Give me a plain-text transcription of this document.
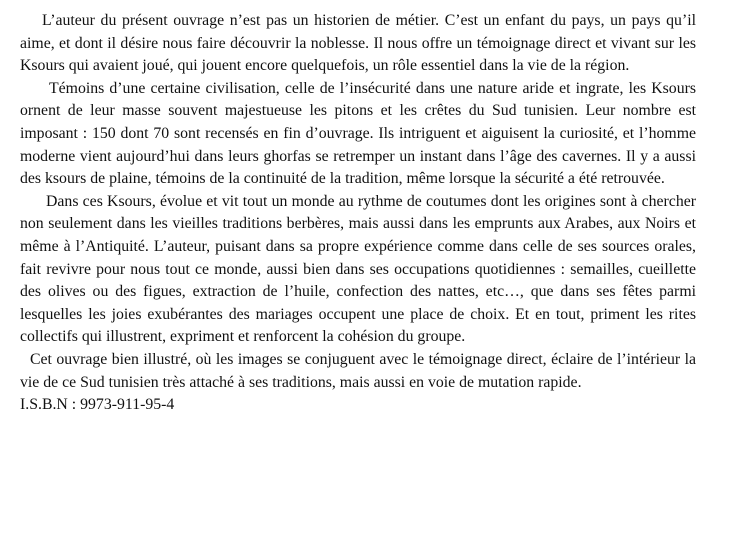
L’auteur du présent ouvrage n’est pas un historien de métier. C’est un enfant du pays, un pays qu’il aime, et dont il désire nous faire découvrir la noblesse. Il nous offre un témoignage direct et vivant sur les Ksours qui avaient joué, qui jouent encore quelquefois, un rôle essentiel dans la vie de la région.

Témoins d’une certaine civilisation, celle de l’insécurité dans une nature aride et ingrate, les Ksours ornent de leur masse souvent majestueuse les pitons et les crêtes du Sud tunisien. Leur nombre est imposant : 150 dont 70 sont recensés en fin d’ouvrage. Ils intriguent et aiguisent la curiosité, et l’homme moderne vient aujourd’hui dans leurs ghorfas se retremper un instant dans l’âge des cavernes. Il y a aussi des ksours de plaine, témoins de la continuité de la tradition, même lorsque la sécurité a été retrouvée.

Dans ces Ksours, évolue et vit tout un monde au rythme de coutumes dont les origines sont à chercher non seulement dans les vieilles traditions berbères, mais aussi dans les emprunts aux Arabes, aux Noirs et même à l’Antiquité. L’auteur, puisant dans sa propre expérience comme dans celle de ses sources orales, fait revivre pour nous tout ce monde, aussi bien dans ses occupations quotidiennes : semailles, cueillette des olives ou des figues, extraction de l’huile, confection des nattes, etc…, que dans ses fêtes parmi lesquelles les joies exubérantes des mariages occupent une place de choix. Et en tout, priment les rites collectifs qui illustrent, expriment et renforcent la cohésion du groupe.

Cet ouvrage bien illustré, où les images se conjuguent avec le témoignage direct, éclaire de l’intérieur la vie de ce Sud tunisien très attaché à ses traditions, mais aussi en voie de mutation rapide.

I.S.B.N : 9973-911-95-4
